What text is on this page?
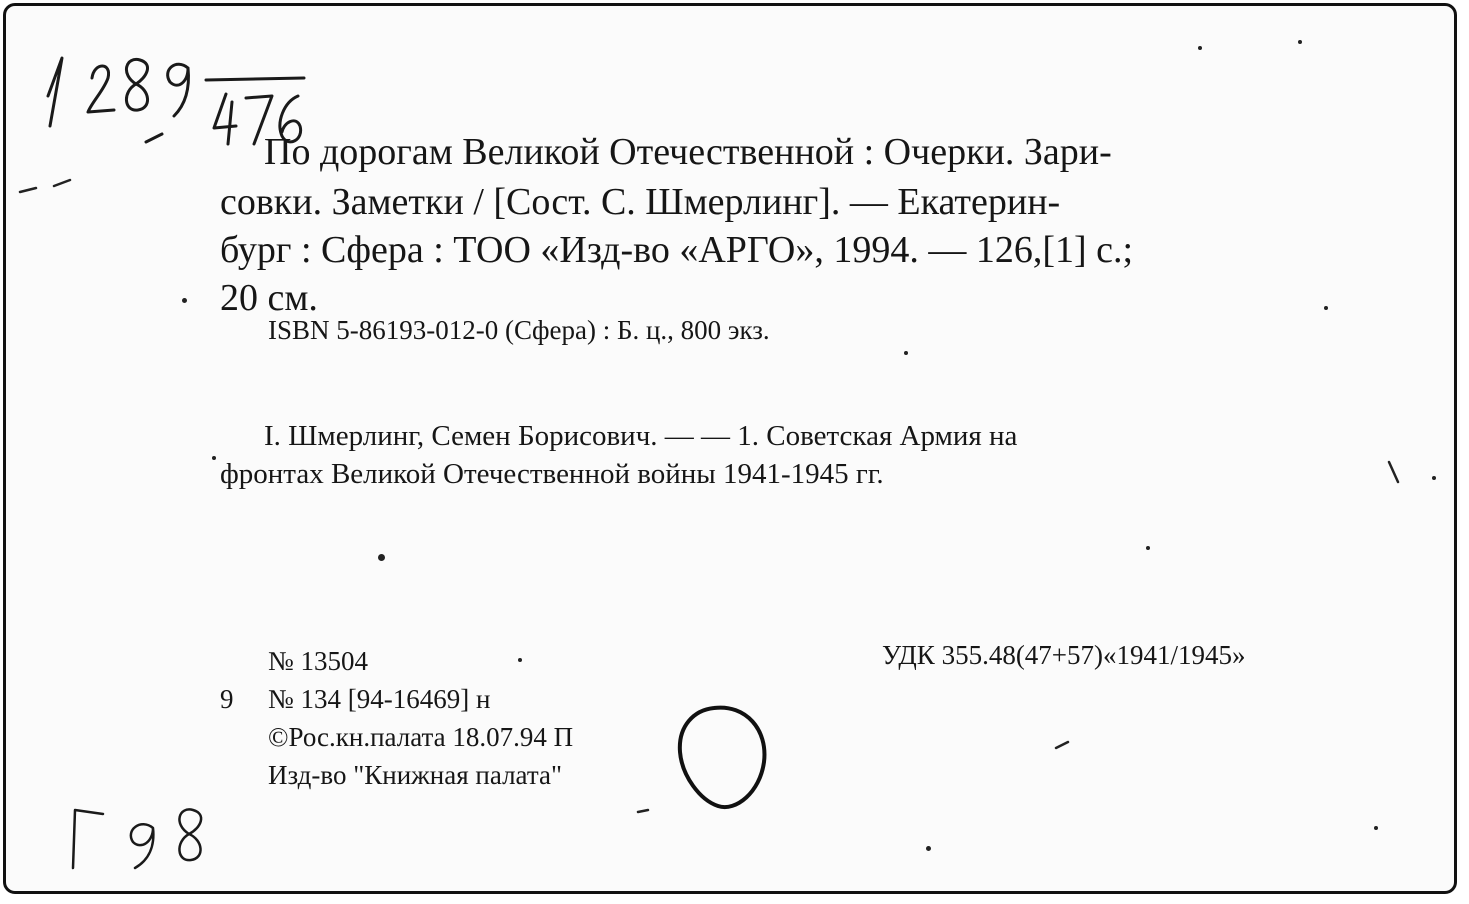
По дорогам Великой Отечественной : Очерки. Зари-
совки. Заметки / [Сост. С. Шмерлинг]. — Екатерин-
бург : Сфера : ТОО «Изд-во «АРГО», 1994. — 126,[1] с.;
20 см.
ISBN 5-86193-012-0 (Сфера) : Б. ц., 800 экз.
I. Шмерлинг, Семен Борисович. — — 1. Советская Армия на
фронтах Великой Отечественной войны 1941-1945 гг.
№ 13504
9 № 134 [94-16469] н
©Рос.кн.палата 18.07.94 П
Изд-во "Книжная палата"
УДК 355.48(47+57)«1941/1945»
